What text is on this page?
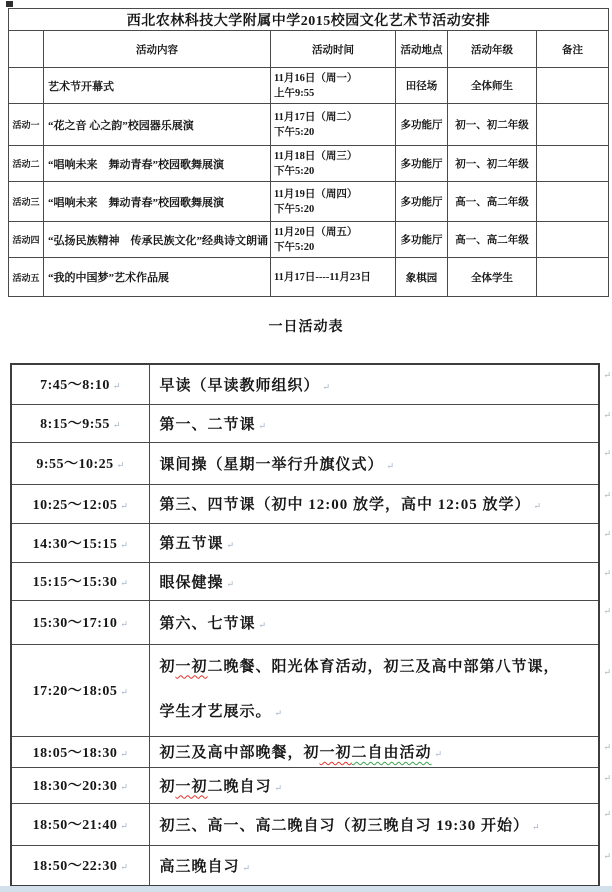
西北农林科技大学附属中学2015校园文化艺术节活动安排					
	活动内容	活动时间	活动地点	活动年级	备注
	艺术节开幕式	11月16日（周一）
上午9:55	田径场	全体师生	
活动一	“花之音 心之韵”校园器乐展演	11月17日（周二）
下午5:20	多功能厅	初一、初二年级	
活动二	“唱响未来　舞动青春”校园歌舞展演	11月18日（周三）
下午5:20	多功能厅	初一、初二年级	
活动三	“唱响未来　舞动青春”校园歌舞展演	11月19日（周四）
下午5:20	多功能厅	高一、高二年级	
活动四	“弘扬民族精神　传承民族文化”经典诗文朗诵	11月20日（周五）
下午5:20	多功能厅	高一、高二年级	
活动五	“我的中国梦”艺术作品展	11月17日----11月23日	象棋园	全体学生	
一日活动表
7:45～8:10 ↵	早读（早读教师组织） ↵
↵

8:15～9:55 ↵	第一、二节课 ↵
↵

9:55～10:25 ↵	课间操（星期一举行升旗仪式） ↵
↵

10:25～12:05 ↵	第三、四节课（初中 12:00 放学，高中 12:05 放学） ↵
↵

14:30～15:15 ↵	第五节课 ↵
↵

15:15～15:30 ↵	眼保健操 ↵
↵

15:30～17:10 ↵	第六、七节课 ↵
↵

17:20～18:05 ↵	初一初二晚餐、阳光体育活动，初三及高中部第八节课，
学生才艺展示。 ↵
↵

18:05～18:30 ↵	初三及高中部晚餐，初一初二自由活动 ↵
↵

18:30～20:30 ↵	初一初二晚自习 ↵
↵

18:50～21:40 ↵	初三、高一、高二晚自习（初三晚自习 19:30 开始） ↵
↵

18:50～22:30 ↵	高三晚自习 ↵
↵
